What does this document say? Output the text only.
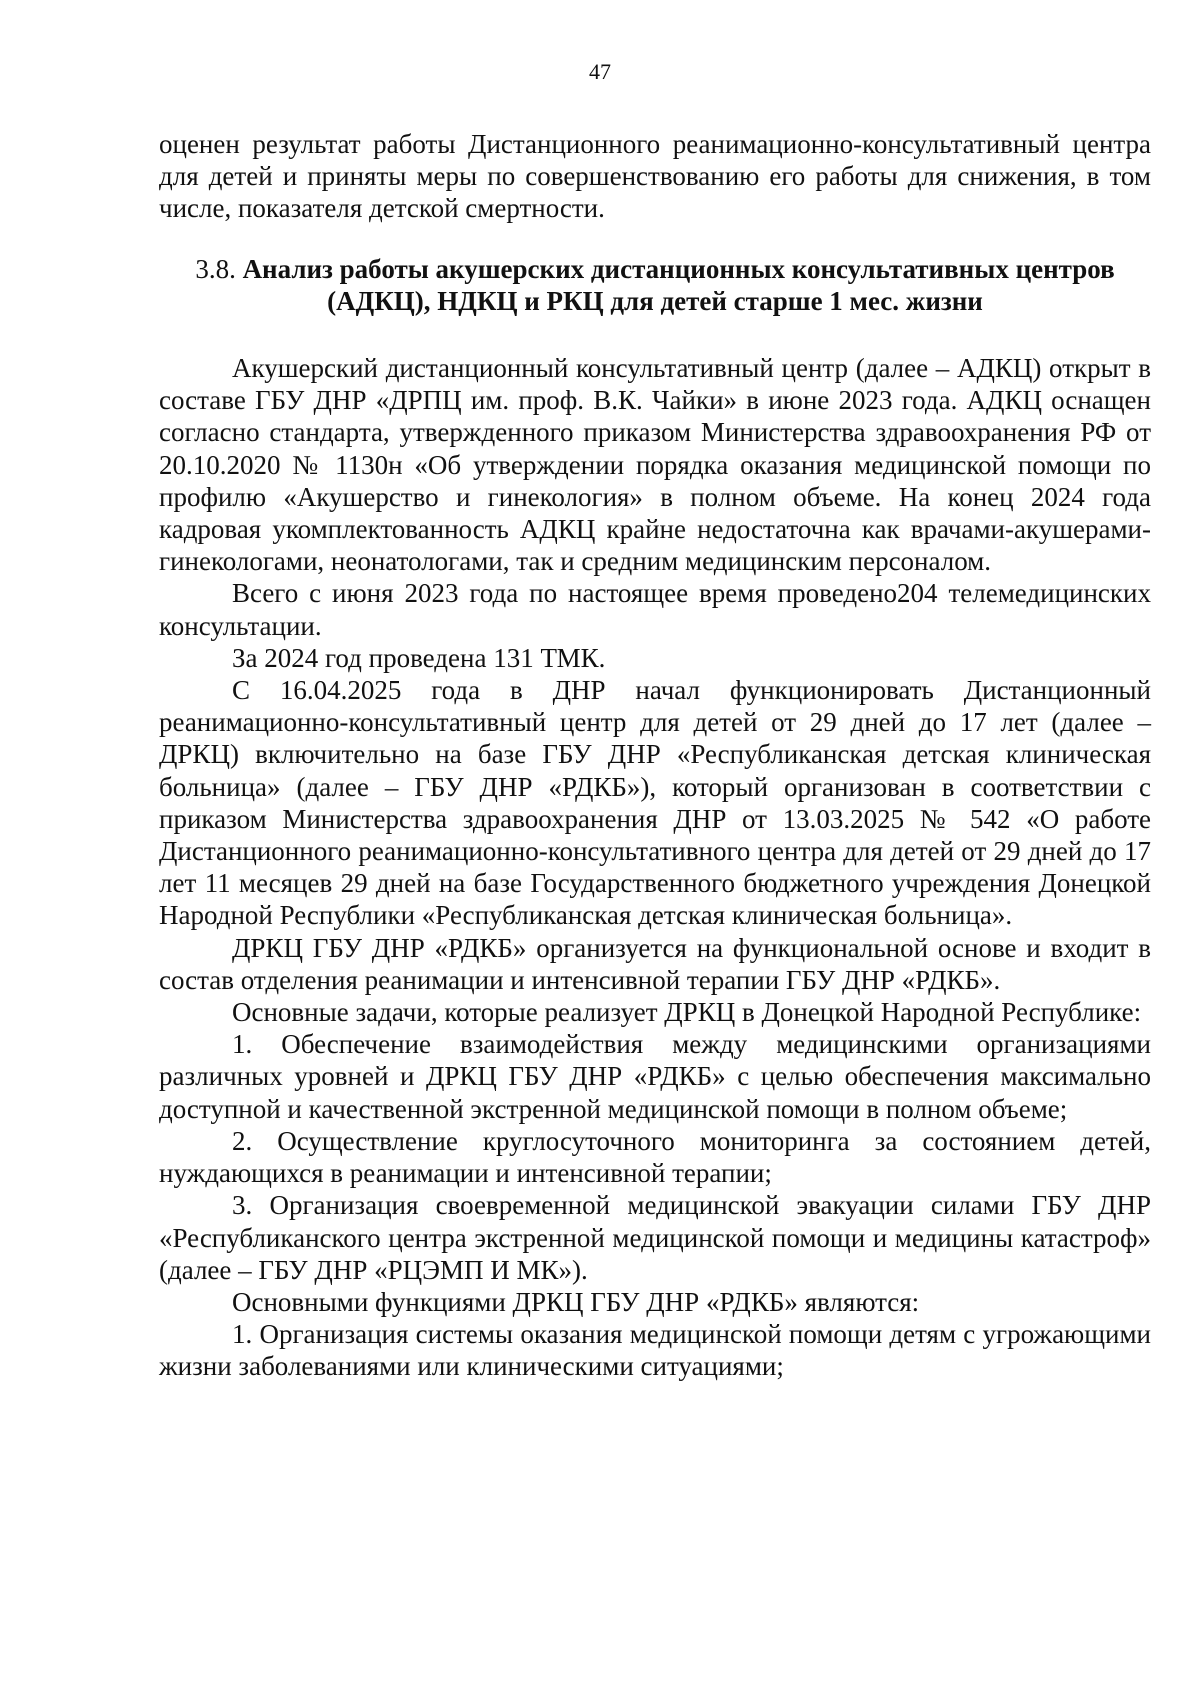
47

оценен результат работы Дистанционного реанимационно-консультативный центра для детей и приняты меры по совершенствованию его работы для снижения, в том числе, показателя детской смертности.

3.8. Анализ работы акушерских дистанционных консультативных центров (АДКЦ), НДКЦ и РКЦ для детей старше 1 мес. жизни

Акушерский дистанционный консультативный центр (далее – АДКЦ) открыт в составе ГБУ ДНР «ДРПЦ им. проф. В.К. Чайки» в июне 2023 года. АДКЦ оснащен согласно стандарта, утвержденного приказом Министерства здравоохранения РФ от 20.10.2020 № 1130н «Об утверждении порядка оказания медицинской помощи по профилю «Акушерство и гинекология» в полном объеме. На конец 2024 года кадровая укомплектованность АДКЦ крайне недостаточна как врачами-акушерами-гинекологами, неонатологами, так и средним медицинским персоналом.

Всего с июня 2023 года по настоящее время проведено204 телемедицинских консультации.

За 2024 год проведена 131 ТМК.

С 16.04.2025 года в ДНР начал функционировать Дистанционный реанимационно-консультативный центр для детей от 29 дней до 17 лет (далее – ДРКЦ) включительно на базе ГБУ ДНР «Республиканская детская клиническая больница» (далее – ГБУ ДНР «РДКБ»), который организован в соответствии с приказом Министерства здравоохранения ДНР от 13.03.2025 № 542 «О работе Дистанционного реанимационно-консультативного центра для детей от 29 дней до 17 лет 11 месяцев 29 дней на базе Государственного бюджетного учреждения Донецкой Народной Республики «Республиканская детская клиническая больница».

ДРКЦ ГБУ ДНР «РДКБ» организуется на функциональной основе и входит в состав отделения реанимации и интенсивной терапии ГБУ ДНР «РДКБ».

Основные задачи, которые реализует ДРКЦ в Донецкой Народной Республике:

1. Обеспечение взаимодействия между медицинскими организациями различных уровней и ДРКЦ ГБУ ДНР «РДКБ» с целью обеспечения максимально доступной и качественной экстренной медицинской помощи в полном объеме;

2. Осуществление круглосуточного мониторинга за состоянием детей, нуждающихся в реанимации и интенсивной терапии;

3. Организация своевременной медицинской эвакуации силами ГБУ ДНР «Республиканского центра экстренной медицинской помощи и медицины катастроф» (далее – ГБУ ДНР «РЦЭМП И МК»).

Основными функциями ДРКЦ ГБУ ДНР «РДКБ» являются:

1. Организация системы оказания медицинской помощи детям с угрожающими жизни заболеваниями или клиническими ситуациями;
